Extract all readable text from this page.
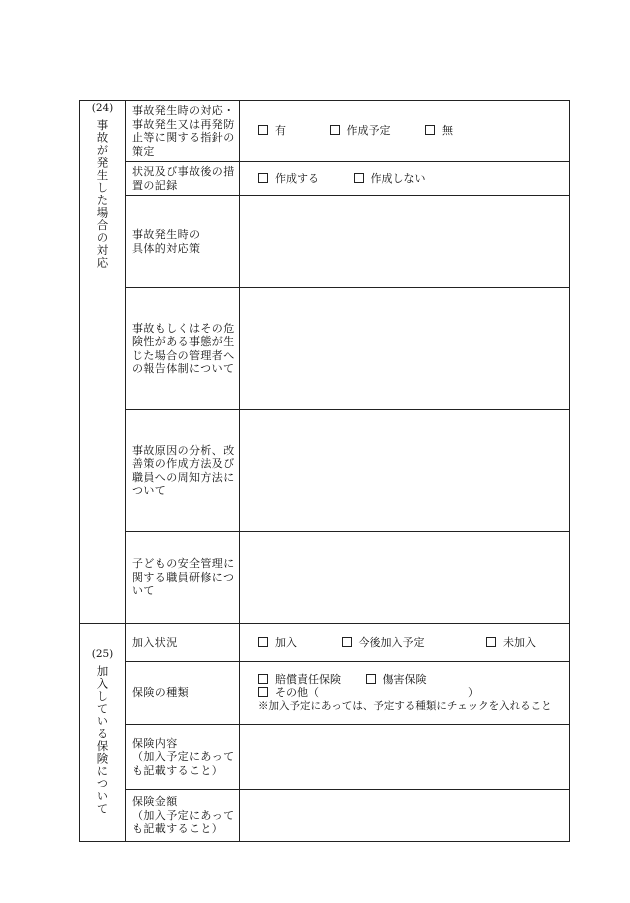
(24)
事故が発生した場合の対応	事故発生時の対応・事故発生又は再発防止等に関する指針の策定	有 作成予定 無
	状況及び事故後の措置の記録	作成する 作成しない
	事故発生時の
具体的対応策	
	事故もしくはその危険性がある事態が生じた場合の管理者への報告体制について	
	事故原因の分析、改善策の作成方法及び職員への周知方法について	
	子どもの安全管理に関する職員研修について	

(25)
加入している保険について	加入状況	加入 今後加入予定 未加入
	保険の種類	賠償責任保険 傷害保険
その他（ ）
※加入予定にあっては、予定する種類にチェックを入れること

	保険内容
（加入予定にあっても記載すること）	
	保険金額
（加入予定にあっても記載すること）	
